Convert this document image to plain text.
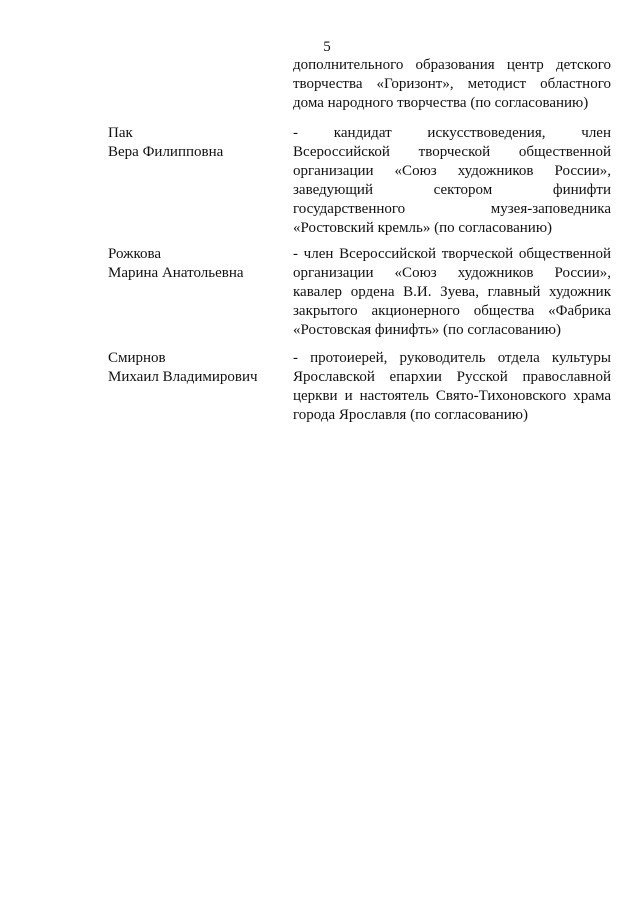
5
дополнительного образования центр детского
творчества «Горизонт», методист областного
дома народного творчества (по согласованию)
Пак
Вера Филипповна
- кандидат искусствоведения, член
Всероссийской творческой общественной
организации «Союз художников России»,
заведующий сектором финифти
государственного музея-заповедника
«Ростовский кремль» (по согласованию)
Рожкова
Марина Анатольевна
- член Всероссийской творческой общественной
организации «Союз художников России»,
кавалер ордена В.И. Зуева, главный художник
закрытого акционерного общества «Фабрика
«Ростовская финифть» (по согласованию)
Смирнов
Михаил Владимирович
- протоиерей, руководитель отдела культуры
Ярославской епархии Русской православной
церкви и настоятель Свято-Тихоновского храма
города Ярославля (по согласованию)
